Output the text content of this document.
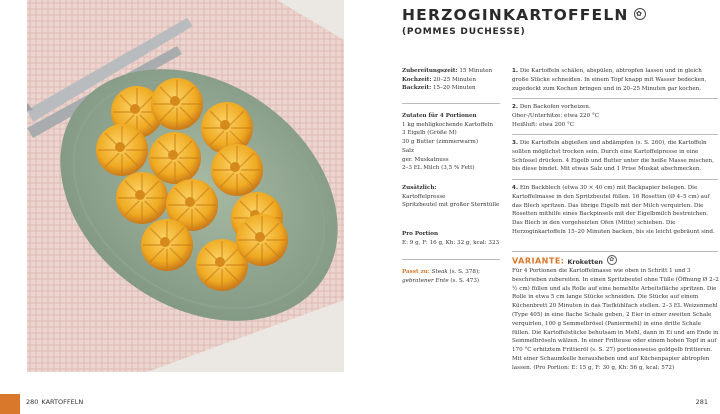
280 KARTOFFELN	281
HERZOGINKARTOFFELN ✿
(POMMES DUCHESSE)
Zubereitungszeit: 15 Minuten
Kochzeit: 20–25 Minuten
Backzeit: 15–20 Minuten
Zutaten für 4 Portionen
1 kg mehligkochende Kartoffeln
3 Eigelb (Größe M)
30 g Butter (zimmerwarm)
Salz
ger. Muskatnuss
2–3 EL Milch (3,5 % Fett)
Zusätzlich:
Kartoffelpresse
Spritzbeutel mit großer Sterntülle
Pro Portion
E: 9 g, F: 16 g, Kh: 32 g, kcal: 323
Passt zu: Steak (s. S. 378);
gebratener Ente (s. S. 473)
1. Die Kartoffeln schälen, abspülen, abtropfen lassen und in gleich große Stücke schneiden. In einem Topf knapp mit Wasser bedecken, zugedeckt zum Kochen bringen und in 20–25 Minuten gar kochen.
2. Den Backofen vorheizen.
Ober-/Unterhitze: etwa 220 °C
Heißluft: etwa 200 °C
3. Die Kartoffeln abgießen und abdämpfen (s. S. 260), die Kartoffeln sollten möglichst trocken sein. Durch eine Kartoffelpresse in eine Schüssel drücken. 4 Eigelb und Butter unter die heiße Masse mischen, bis diese bindet. Mit etwas Salz und 1 Prise Muskat abschmecken.
4. Ein Backblech (etwa 30 × 40 cm) mit Backpapier belegen. Die Kartoffelmasse in den Spritzbeutel füllen. 16 Rosetten (Ø 4–5 cm) auf das Blech spritzen. Das übrige Eigelb mit der Milch verquirlen. Die Rosetten mithilfe eines Backpinsels mit der Eigelbmilch bestreichen. Das Blech in den vorgeheizten Ofen (Mitte) schieben. Die Herzoginkartoffeln 15–20 Minuten backen, bis sie leicht gebräunt sind.
VARIANTE: Kroketten ✿
Für 4 Portionen die Kartoffelmasse wie oben in Schritt 1 und 3 beschrieben zubereiten. In einen Spritzbeutel ohne Tülle (Öffnung Ø 2–2 ½ cm) füllen und als Rolle auf eine bemehlte Arbeitsfläche spritzen. Die Rolle in etwa 5 cm lange Stücke schneiden. Die Stücke auf einem Küchenbrett 20 Minuten in das Tiefkühlfach stellen. 2–3 EL Weizenmehl (Type 405) in eine flache Schale geben, 2 Eier in einer zweiten Schale verquirlen, 100 g Semmelbrösel (Paniermehl) in eine dritte Schale füllen. Die Kartoffelstücke behutsam in Mehl, dann in Ei und am Ende in Semmelbröseln wälzen. In einer Fritteuse oder einem hohen Topf in auf 170 °C erhitztem Frittieröl (s. S. 27) portionsweise goldgelb frittieren. Mit einer Schaumkelle herausheben und auf Küchenpapier abtropfen lassen. (Pro Portion: E: 15 g, F: 30 g, Kh: 56 g, kcal: 572)
